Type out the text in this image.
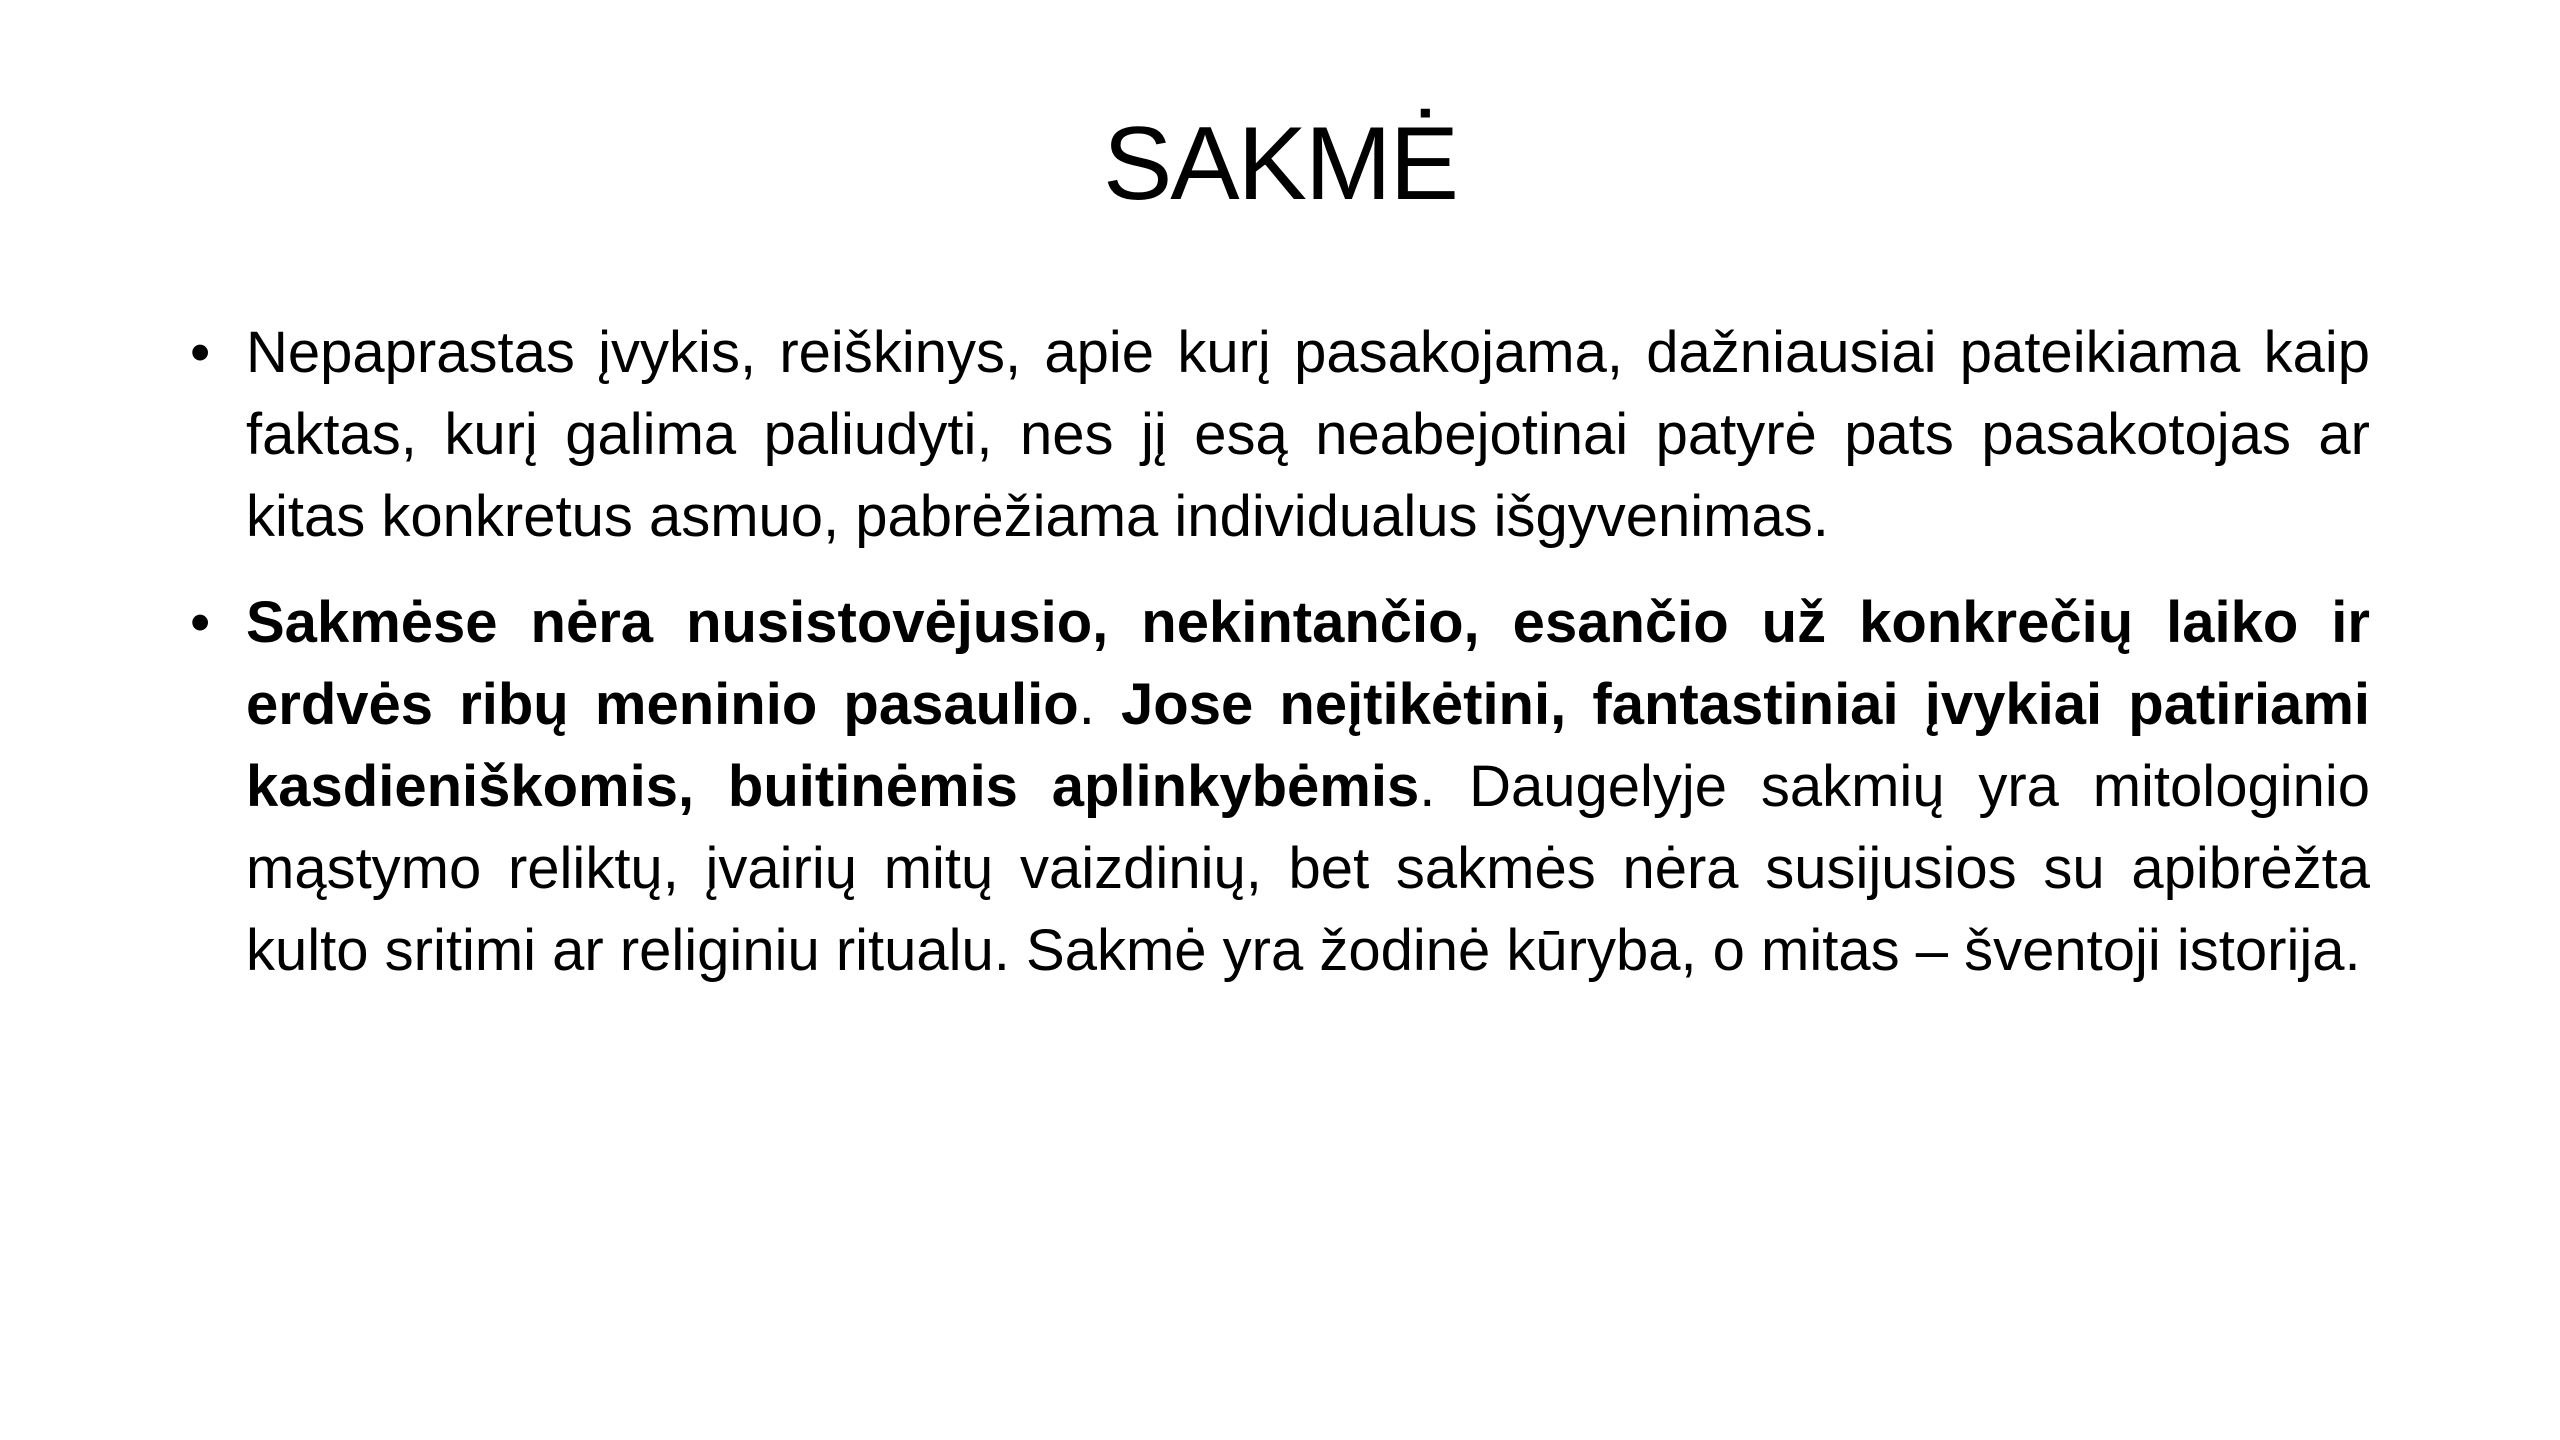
SAKMĖ
• Nepaprastas įvykis, reiškinys, apie kurį pasakojama, dažniausiai pateikiama kaip faktas, kurį galima paliudyti, nes jį esą neabejotinai patyrė pats pasakotojas ar kitas konkretus asmuo, pabrėžiama individualus išgyvenimas.
• Sakmėse nėra nusistovėjusio, nekintančio, esančio už konkrečių laiko ir erdvės ribų meninio pasaulio. Jose neįtikėtini, fantastiniai įvykiai patiriami kasdieniškomis, buitinėmis aplinkybėmis. Daugelyje sakmių yra mitologinio mąstymo reliktų, įvairių mitų vaizdinių, bet sakmės nėra susijusios su apibrėžta kulto sritimi ar religiniu ritualu. Sakmė yra žodinė kūryba, o mitas – šventoji istorija.
